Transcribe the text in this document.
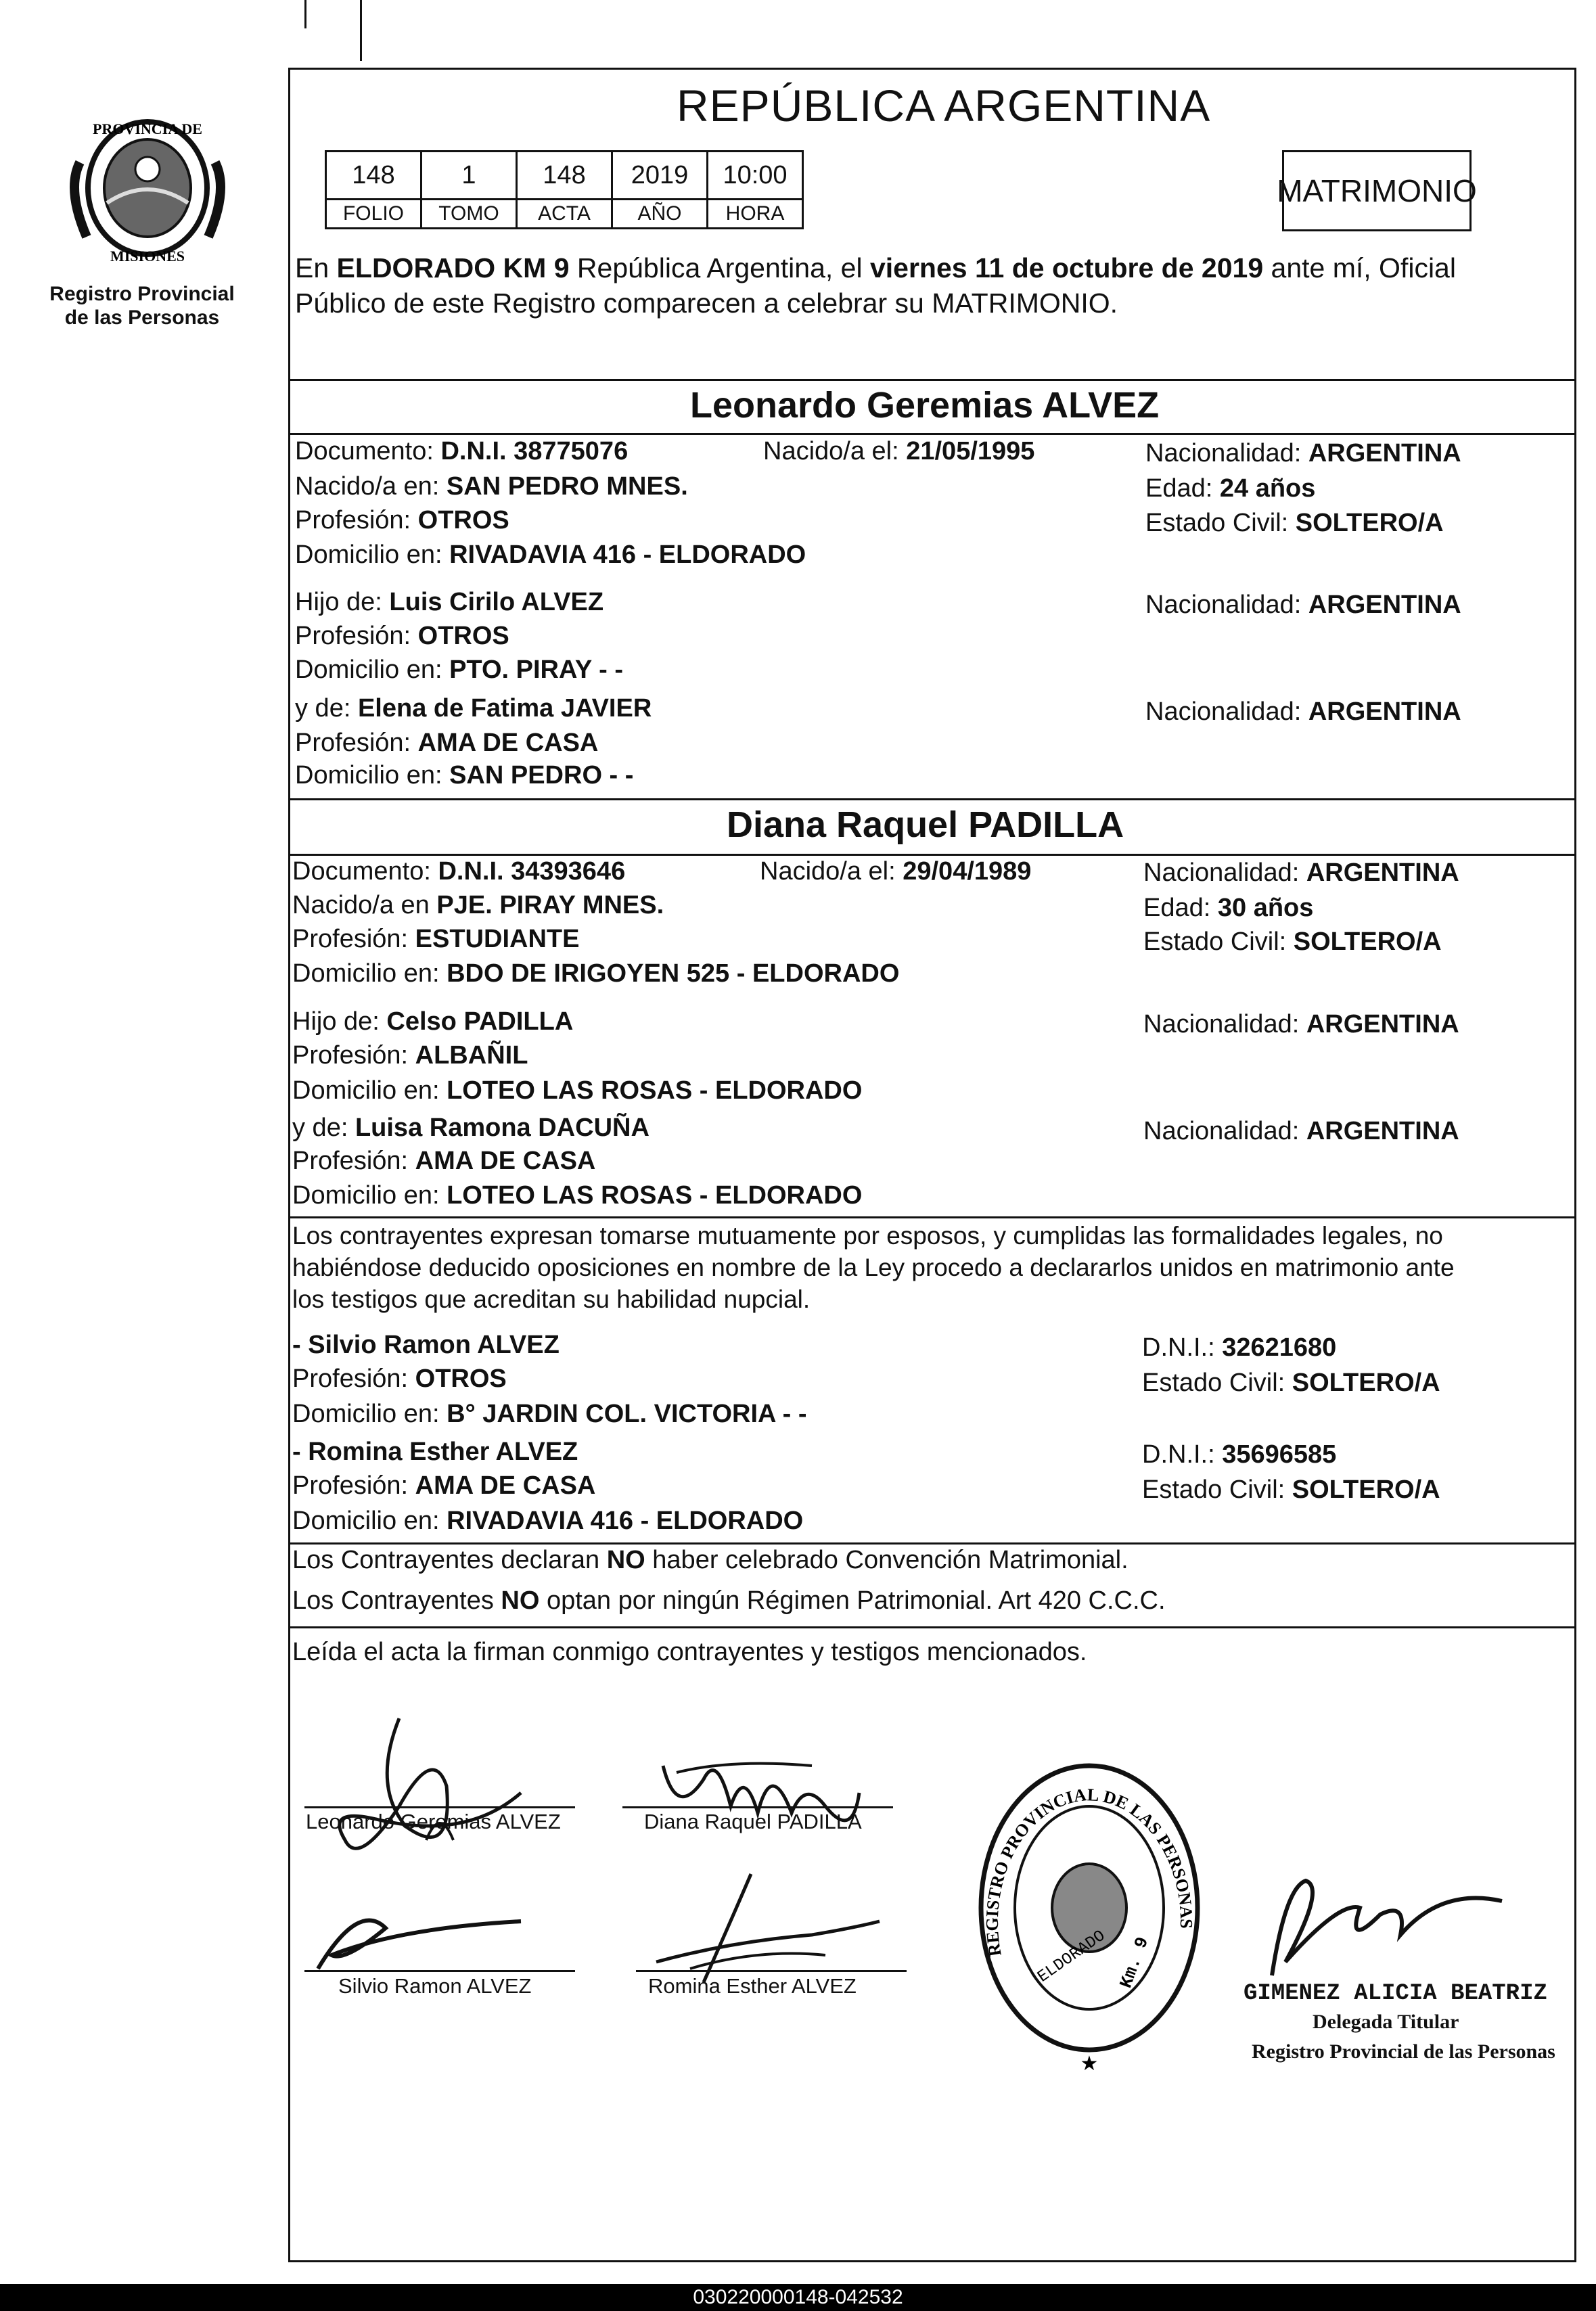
PROVINCIA DE
MISIONES
Registro Provincial
de las Personas
REPÚBLICA ARGENTINA
148	1	148	2019	10:00
FOLIO	TOMO	ACTA	AÑO	HORA
MATRIMONIO
En ELDORADO KM 9 República Argentina, el viernes 11 de octubre de 2019 ante mí, Oficial
Público de este Registro comparecen a celebrar su MATRIMONIO.
Leonardo Geremias ALVEZ
Documento: D.N.I. 38775076	Nacido/a el: 21/05/1995	Nacionalidad: ARGENTINA
Nacido/a en: SAN PEDRO MNES.	Edad: 24 años
Profesión: OTROS	Estado Civil: SOLTERO/A
Domicilio en: RIVADAVIA 416 - ELDORADO
Hijo de: Luis Cirilo ALVEZ	Nacionalidad: ARGENTINA
Profesión: OTROS
Domicilio en: PTO. PIRAY - -
y de: Elena de Fatima JAVIER	Nacionalidad: ARGENTINA
Profesión: AMA DE CASA
Domicilio en: SAN PEDRO - -
Diana Raquel PADILLA
Documento: D.N.I. 34393646	Nacido/a el: 29/04/1989	Nacionalidad: ARGENTINA
Nacido/a en PJE. PIRAY MNES.	Edad: 30 años
Profesión: ESTUDIANTE	Estado Civil: SOLTERO/A
Domicilio en: BDO DE IRIGOYEN 525 - ELDORADO
Hijo de: Celso PADILLA	Nacionalidad: ARGENTINA
Profesión: ALBAÑIL
Domicilio en: LOTEO LAS ROSAS - ELDORADO
y de: Luisa Ramona DACUÑA	Nacionalidad: ARGENTINA
Profesión: AMA DE CASA
Domicilio en: LOTEO LAS ROSAS - ELDORADO
Los contrayentes expresan tomarse mutuamente por esposos, y cumplidas las formalidades legales, no
habiéndose deducido oposiciones en nombre de la Ley procedo a declararlos unidos en matrimonio ante
los testigos que acreditan su habilidad nupcial.
- Silvio Ramon ALVEZ	D.N.I.: 32621680
Profesión: OTROS	Estado Civil: SOLTERO/A
Domicilio en: B° JARDIN COL. VICTORIA - -
- Romina Esther ALVEZ	D.N.I.: 35696585
Profesión: AMA DE CASA	Estado Civil: SOLTERO/A
Domicilio en: RIVADAVIA 416 - ELDORADO
Los Contrayentes declaran NO haber celebrado Convención Matrimonial.
Los Contrayentes NO optan por ningún Régimen Patrimonial. Art 420 C.C.C.
Leída el acta la firman conmigo contrayentes y testigos mencionados.
Leonardo Geremias ALVEZ	Diana Raquel PADILLA
Silvio Ramon ALVEZ	Romina Esther ALVEZ
REGISTRO PROVINCIAL DE LAS PERSONAS
ELDORADO Km. 9
★
GIMENEZ ALICIA BEATRIZ
Delegada Titular
Registro Provincial de las Personas
030220000148-042532
